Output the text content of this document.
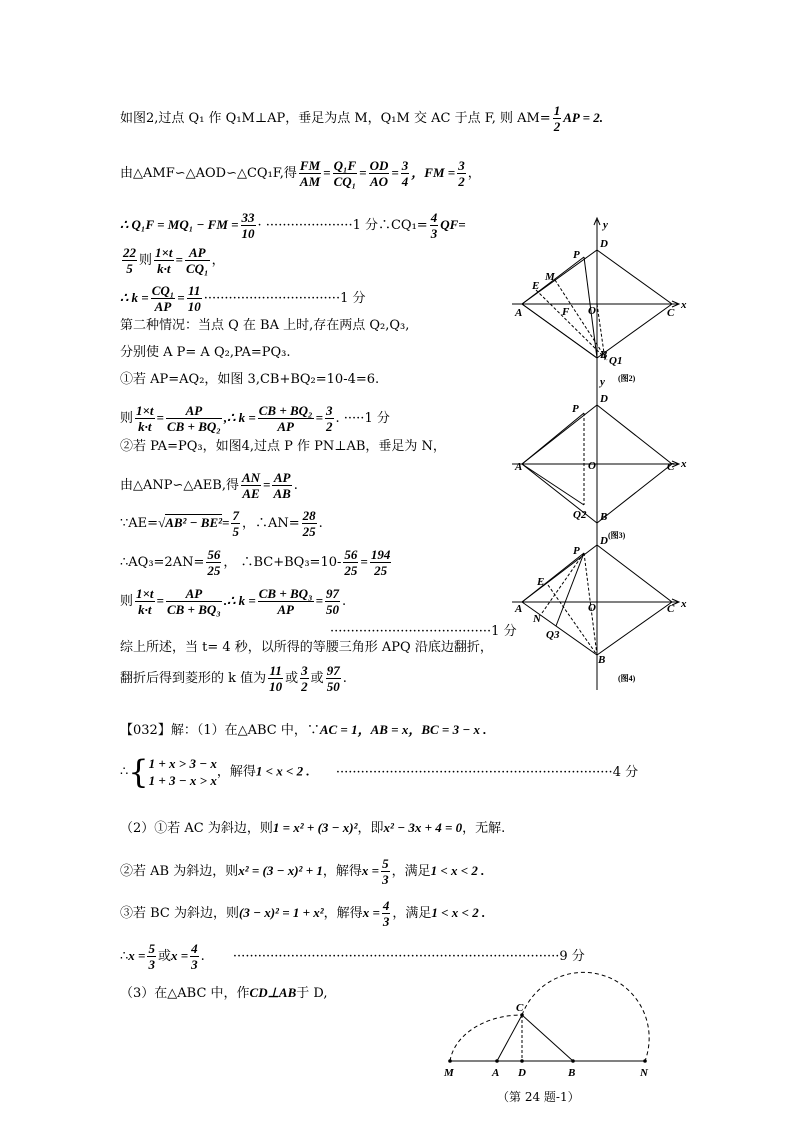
如图2,过点 Q₁ 作 Q₁M⊥AP，垂足为点 M，Q₁M 交 AC 于点 F, 则 $AM= \frac{1}{2}$ AP = 2.
由△AMF∽△AOD∽△CQ₁F,得 $\frac{FM}{AM} = \frac{\text{Q₁F}}{\text{CQ₁}} = \frac{OD}{AO} = \frac{3}{4}$ ，FM = $\frac{3}{2}$ ，
∴ Q₁F = MQ₁ − FM = $\frac{33}{10} \cdot \cdot\cdot\cdot\cdot\cdot\cdot\cdot\cdot\cdot\cdot\cdot\cdot\cdot\cdot\cdot\cdot\cdot\cdot\cdot\cdot\cdot 1$ 分∴CQ₁= $\frac{4}{3} QF=$
$\frac{22}{5}$ 则 $\frac{1\times t}{k\cdot t} = \frac{AP}{\text{CQ₁}}$ ，
∴ $k = \frac{\text{CQ₁}}{AP} = \frac{11}{10} \cdot\cdot\cdot\cdot\cdot\cdot\cdot\cdot\cdot\cdot\cdot\cdot\cdot\cdot\cdot\cdot\cdot\cdot\cdot\cdot\cdot\cdot\cdot\cdot\cdot\cdot\cdot\cdot\cdot\cdot\cdot\cdot\cdot 1$ 分
第二种情况：当点 Q 在 BA 上时,存在两点 Q₂,Q₃,
分别使 A P= A Q₂,PA=PQ₃.
①若 AP=AQ₂，如图 3,CB+BQ₂=10-4=6.
则 $\frac{1\times t}{k\cdot t} = \frac{AP}{\text{CB + BQ₂}}$ ,∴ $k = \frac{\text{CB + BQ₂}}{AP} = \frac{3}{2}$ . ·····1 分
②若 PA=PQ₃，如图4,过点 P 作 PN⊥AB，垂足为 N，
由△ANP∽△AEB,得 $\frac{AN}{AE} = \frac{AP}{AB}$ .
∵AE=√AB² − $BE^2= \frac{7}{5}$ ，∴AN= $\frac{28}{25}$ .
∴AQ₃=2AN= $\frac{56}{25}$ ， ∴BC+BQ₃=10- $\frac{56}{25} = \frac{194}{25}$
则 $\frac{1\times t}{k\cdot t} = \frac{AP}{\text{CB + BQ₃}}$ .∴ $k = \frac{\text{CB + BQ₃}}{AP} = \frac{97}{50}$ .
·······································1 分
综上所述，当 t= 4 秒，以所得的等腰三角形 APQ 沿底边翻折，
翻折后得到菱形的 k 值为 $\frac{11}{10}$ 或 $\frac{3}{2}$ 或 $\frac{97}{50}$ .
【032】解：（1）在△ABC 中，∵AC = 1，AB = x，BC = 3 − x .
∴{ 1 + x > 3 − x
1 + 3 − x > x
，解得1 < x < 2 . ···································································4 分
（2）①若 AC 为斜边，则1 = x² + (3 − x)²，即x² − 3x + 4 = 0，无解.
②若 AB 为斜边，则x² = (3 − x)² + 1，解得$x = \frac{5}{3}$ ，满足1 < x < 2 .
③若 BC 为斜边，则(3 − x)² = 1 + x²，解得$x = \frac{4}{3}$ ，满足1 < x < 2 .
∴x = $\frac{5}{3}$ 或$x = \frac{4}{3}$ . ···············································································9 分
（3）在△ABC 中，作CD⊥AB于 D,
y
D
P
E
M
A	F O	C
x
B Q1
(图2)
y
D
P
A	O	C x
Q2 B
(图3)
D
P
E
A
N
O	C x
Q3
B
(图4)
C
M	A D	B	N
（第 24 题-1）
